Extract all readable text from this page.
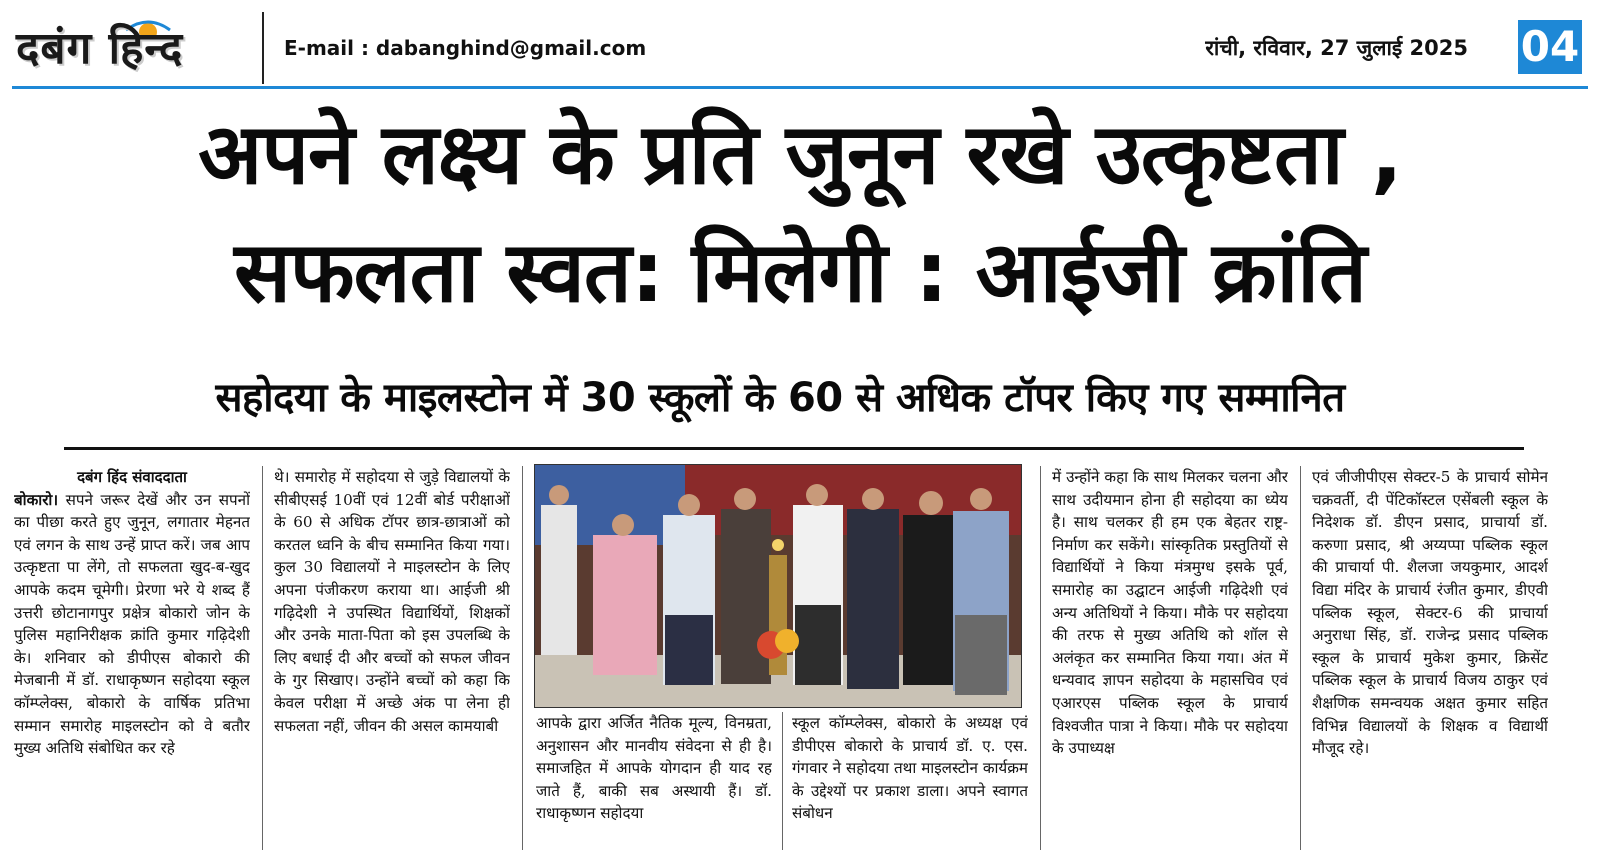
दबंग हिन्द	E-mail : dabanghind@gmail.com	रांची, रविवार, 27 जुलाई 2025 04
अपने लक्ष्य के प्रति जुनून रखे उत्कृष्टता ,
सफलता स्वत: मिलेगी : आईजी क्रांति
सहोदया के माइलस्टोन में 30 स्कूलों के 60 से अधिक टॉपर किए गए सम्मानित
दबंग हिंद संवाददाता

बोकारो। सपने जरूर देखें और उन सपनों का पीछा करते हुए जुनून, लगातार मेहनत एवं लगन के साथ उन्हें प्राप्त करें। जब आप उत्कृष्टता पा लेंगे, तो सफलता खुद-ब-खुद आपके कदम चूमेगी। प्रेरणा भरे ये शब्द हैं उत्तरी छोटानागपुर प्रक्षेत्र बोकारो जोन के पुलिस महानिरीक्षक क्रांति कुमार गढ़िदेशी के। शनिवार को डीपीएस बोकारो की मेजबानी में डॉ. राधाकृष्णन सहोदया स्कूल कॉम्प्लेक्स, बोकारो के वार्षिक प्रतिभा सम्मान समारोह माइलस्टोन को वे बतौर मुख्य अतिथि संबोधित कर रहे

थे। समारोह में सहोदया से जुड़े विद्यालयों के सीबीएसई 10वीं एवं 12वीं बोर्ड परीक्षाओं के 60 से अधिक टॉपर छात्र-छात्राओं को करतल ध्वनि के बीच सम्मानित किया गया। कुल 30 विद्यालयों ने माइलस्टोन के लिए अपना पंजीकरण कराया था। आईजी श्री गढ़िदेशी ने उपस्थित विद्यार्थियों, शिक्षकों और उनके माता-पिता को इस उपलब्धि के लिए बधाई दी और बच्चों को सफल जीवन के गुर सिखाए। उन्होंने बच्चों को कहा कि केवल परीक्षा में अच्छे अंक पा लेना ही सफलता नहीं, जीवन की असल कामयाबी	आपके द्वारा अर्जित नैतिक मूल्य, विनम्रता, अनुशासन और मानवीय संवेदना से ही है। समाजहित में आपके योगदान ही याद रह जाते हैं, बाकी सब अस्थायी हैं। डॉ. राधाकृष्णन सहोदया

स्कूल कॉम्प्लेक्स, बोकारो के अध्यक्ष एवं डीपीएस बोकारो के प्राचार्य डॉ. ए. एस. गंगवार ने सहोदया तथा माइलस्टोन कार्यक्रम के उद्देश्यों पर प्रकाश डाला। अपने स्वागत संबोधन

में उन्होंने कहा कि साथ मिलकर चलना और साथ उदीयमान होना ही सहोदया का ध्येय है। साथ चलकर ही हम एक बेहतर राष्ट्र-निर्माण कर सकेंगे। सांस्कृतिक प्रस्तुतियों से विद्यार्थियों ने किया मंत्रमुग्ध इसके पूर्व, समारोह का उद्घाटन आईजी गढ़िदेशी एवं अन्य अतिथियों ने किया। मौके पर सहोदया की तरफ से मुख्य अतिथि को शॉल से अलंकृत कर सम्मानित किया गया। अंत में धन्यवाद ज्ञापन सहोदया के महासचिव एवं एआरएस पब्लिक स्कूल के प्राचार्य विश्वजीत पात्रा ने किया। मौके पर सहोदया के उपाध्यक्ष

एवं जीजीपीएस सेक्टर-5 के प्राचार्य सोमेन चक्रवर्ती, दी पेंटिकॉस्टल एसेंबली स्कूल के निदेशक डॉ. डीएन प्रसाद, प्राचार्या डॉ. करुणा प्रसाद, श्री अय्यप्पा पब्लिक स्कूल की प्राचार्या पी. शैलजा जयकुमार, आदर्श विद्या मंदिर के प्राचार्य रंजीत कुमार, डीएवी पब्लिक स्कूल, सेक्टर-6 की प्राचार्या अनुराधा सिंह, डॉ. राजेन्द्र प्रसाद पब्लिक स्कूल के प्राचार्य मुकेश कुमार, क्रिसेंट पब्लिक स्कूल के प्राचार्य विजय ठाकुर एवं शैक्षणिक समन्वयक अक्षत कुमार सहित विभिन्न विद्यालयों के शिक्षक व विद्यार्थी मौजूद रहे।
